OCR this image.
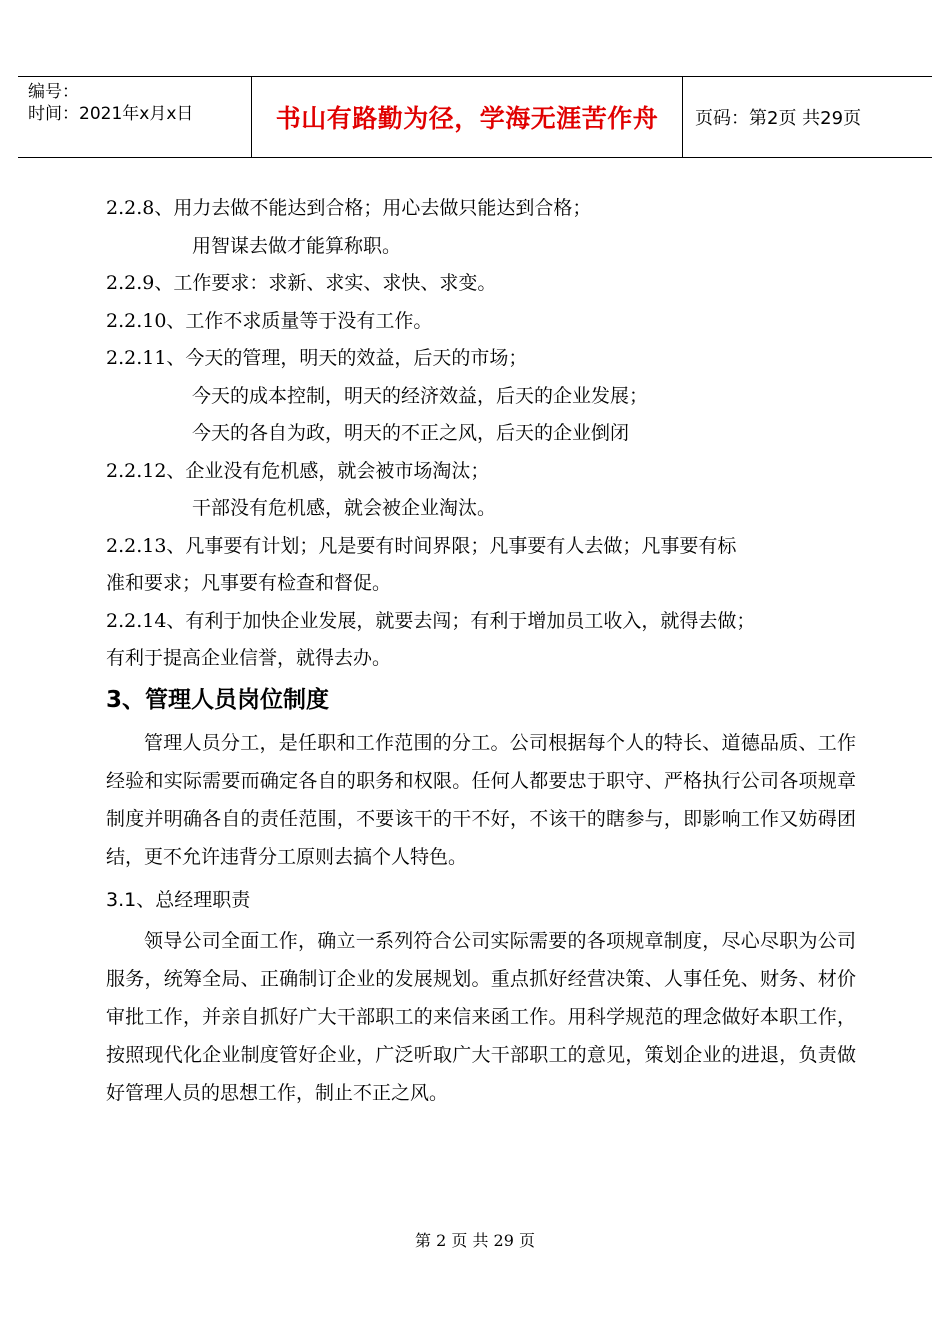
编号：
时间：2021年x月x日	书山有路勤为径，学海无涯苦作舟	页码：第2页 共29页
2.2.8、用力去做不能达到合格；用心去做只能达到合格；
用智谋去做才能算称职。
2.2.9、工作要求：求新、求实、求快、求变。
2.2.10、工作不求质量等于没有工作。
2.2.11、今天的管理，明天的效益，后天的市场；
今天的成本控制，明天的经济效益，后天的企业发展；
今天的各自为政，明天的不正之风，后天的企业倒闭
2.2.12、企业没有危机感，就会被市场淘汰；
干部没有危机感，就会被企业淘汰。
2.2.13、凡事要有计划；凡是要有时间界限；凡事要有人去做；凡事要有标
准和要求；凡事要有检查和督促。
2.2.14、有利于加快企业发展，就要去闯；有利于增加员工收入，就得去做；
有利于提高企业信誉，就得去办。
3、管理人员岗位制度

管理人员分工，是任职和工作范围的分工。公司根据每个人的特长、道德品质、工作经验和实际需要而确定各自的职务和权限。任何人都要忠于职守、严格执行公司各项规章制度并明确各自的责任范围，不要该干的干不好，不该干的瞎参与，即影响工作又妨碍团结，更不允许违背分工原则去搞个人特色。

3.1、总经理职责

领导公司全面工作，确立一系列符合公司实际需要的各项规章制度，尽心尽职为公司服务，统筹全局、正确制订企业的发展规划。重点抓好经营决策、人事任免、财务、材价审批工作，并亲自抓好广大干部职工的来信来函工作。用科学规范的理念做好本职工作，按照现代化企业制度管好企业，广泛听取广大干部职工的意见，策划企业的进退，负责做好管理人员的思想工作，制止不正之风。

第 2 页 共 29 页
